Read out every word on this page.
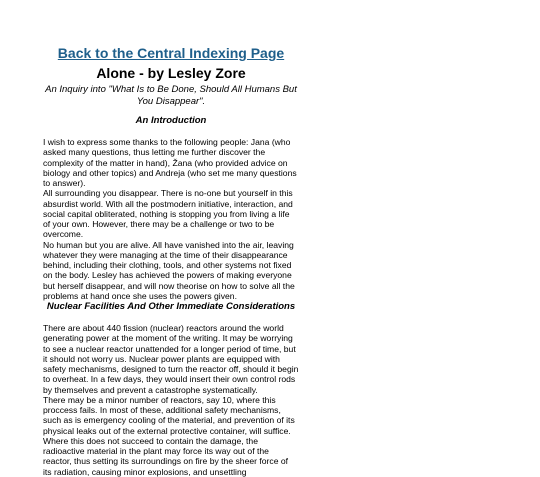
Back to the Central Indexing Page
Alone - by Lesley Zore
An Inquiry into "What Is to Be Done, Should All Humans But You Disappear".
An Introduction

I wish to express some thanks to the following people: Jana (who asked many questions, thus letting me further discover the complexity of the matter in hand), Žana (who provided advice on biology and other topics) and Andreja (who set me many questions to answer).

All surrounding you disappear. There is no-one but yourself in this absurdist world. With all the postmodern initiative, interaction, and social capital obliterated, nothing is stopping you from living a life of your own. However, there may be a challenge or two to be overcome.

No human but you are alive. All have vanished into the air, leaving whatever they were managing at the time of their disappearance behind, including their clothing, tools, and other systems not fixed on the body. Lesley has achieved the powers of making everyone but herself disappear, and will now theorise on how to solve all the problems at hand once she uses the powers given.

Nuclear Facilities And Other Immediate Considerations

There are about 440 fission (nuclear) reactors around the world generating power at the moment of the writing. It may be worrying to see a nuclear reactor unattended for a longer period of time, but it should not worry us. Nuclear power plants are equipped with safety mechanisms, designed to turn the reactor off, should it begin to overheat. In a few days, they would insert their own control rods by themselves and prevent a catastrophe systematically.

There may be a minor number of reactors, say 10, where this proccess fails. In most of these, additional safety mechanisms, such as is emergency cooling of the material, and prevention of its physical leaks out of the external protective container, will suffice. Where this does not succeed to contain the damage, the radioactive material in the plant may force its way out of the reactor, thus setting its surroundings on fire by the sheer force of its radiation, causing minor explosions, and unsettling
